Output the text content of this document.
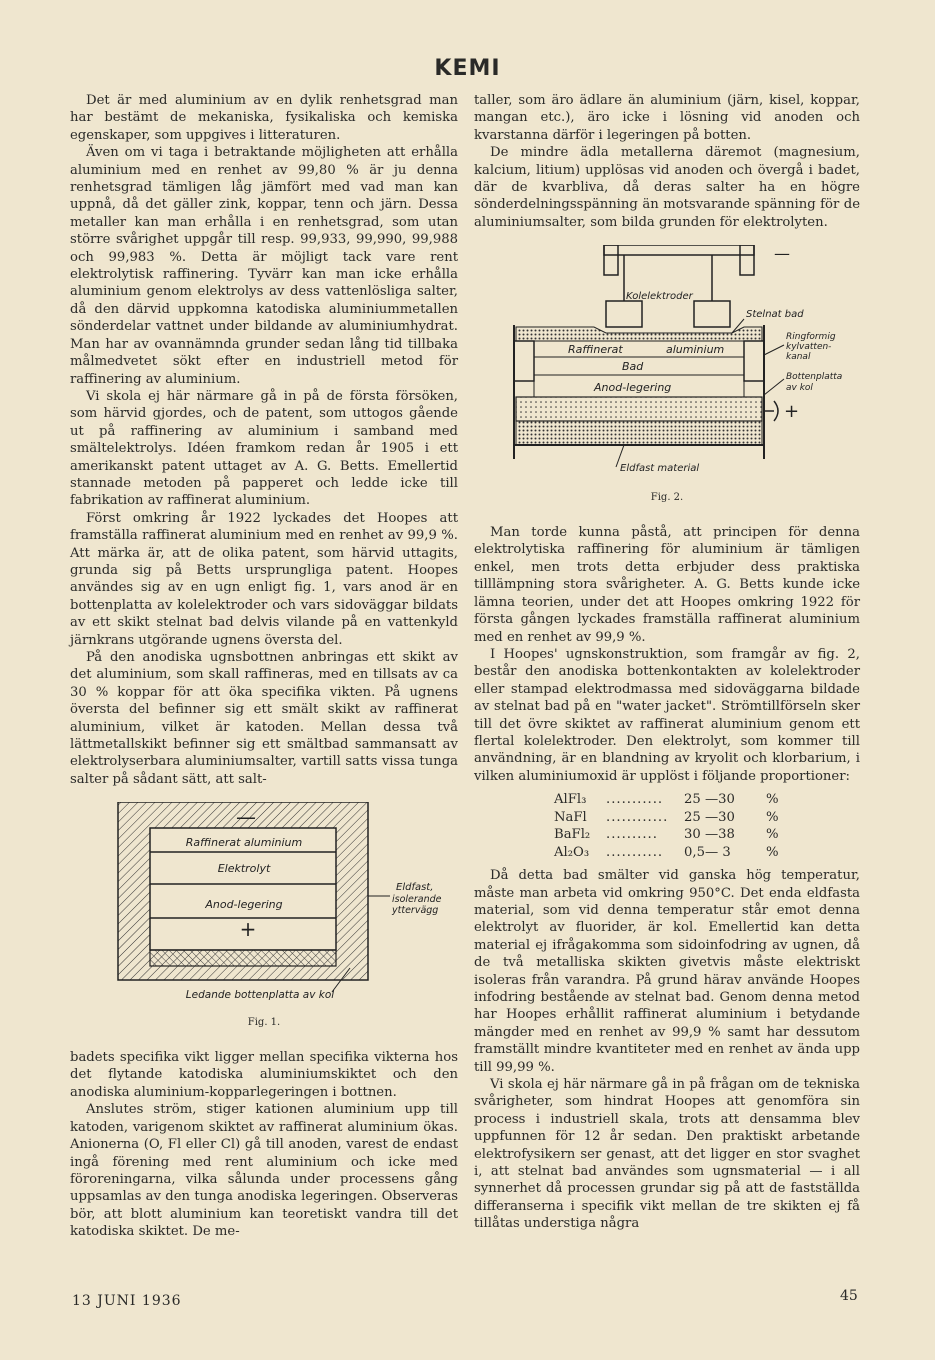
KEMI

Det är med aluminium av en dylik renhetsgrad man har bestämt de mekaniska, fysikaliska och kemiska egenskaper, som uppgives i litteraturen.

Även om vi taga i betraktande möjligheten att erhålla aluminium med en renhet av 99,80 % är ju denna renhetsgrad tämligen låg jämfört med vad man kan uppnå, då det gäller zink, koppar, tenn och järn. Dessa metaller kan man erhålla i en renhetsgrad, som utan större svårighet uppgår till resp. 99,933, 99,990, 99,988 och 99,983 %. Detta är möjligt tack vare rent elektrolytisk raffinering. Tyvärr kan man icke erhålla aluminium genom elektrolys av dess vattenlösliga salter, då den därvid uppkomna katodiska aluminiummetallen sönderdelar vattnet under bildande av aluminiumhydrat. Man har av ovannämnda grunder sedan lång tid tillbaka målmedvetet sökt efter en industriell metod för raffinering av aluminium.

Vi skola ej här närmare gå in på de första försöken, som härvid gjordes, och de patent, som uttogos gående ut på raffinering av aluminium i samband med smältelektrolys. Idéen framkom redan år 1905 i ett amerikanskt patent uttaget av A. G. Betts. Emellertid stannade metoden på papperet och ledde icke till fabrikation av raffinerat aluminium.

Först omkring år 1922 lyckades det Hoopes att framställa raffinerat aluminium med en renhet av 99,9 %. Att märka är, att de olika patent, som härvid uttagits, grunda sig på Betts ursprungliga patent. Hoopes användes sig av en ugn enligt fig. 1, vars anod är en bottenplatta av kolelektroder och vars sidoväggar bildats av ett skikt stelnat bad delvis vilande på en vattenkyld järnkrans utgörande ugnens översta del.

På den anodiska ugnsbottnen anbringas ett skikt av det aluminium, som skall raffineras, med en tillsats av ca 30 % koppar för att öka specifika vikten. På ugnens översta del befinner sig ett smält skikt av raffinerat aluminium, vilket är katoden. Mellan dessa två lättmetallskikt befinner sig ett smältbad sammansatt av elektrolyserbara aluminiumsalter, vartill satts vissa tunga salter på sådant sätt, att salt-

—
Raffinerat aluminium
Elektrolyt
Anod-legering
+
Eldfast,
isolerande
yttervägg
Ledande bottenplatta av kol
Fig. 1.

badets specifika vikt ligger mellan specifika vikterna hos det flytande katodiska aluminiumskiktet och den anodiska aluminium-kopparlegeringen i bottnen.

Anslutes ström, stiger kationen aluminium upp till katoden, varigenom skiktet av raffinerat aluminium ökas. Anionerna (O, Fl eller Cl) gå till anoden, varest de endast ingå förening med rent aluminium och icke med föroreningarna, vilka sålunda under processens gång uppsamlas av den tunga anodiska legeringen. Observeras bör, att blott aluminium kan teoretiskt vandra till det katodiska skiktet. De me-

taller, som äro ädlare än aluminium (järn, kisel, koppar, mangan etc.), äro icke i lösning vid anoden och kvarstanna därför i legeringen på botten.

De mindre ädla metallerna däremot (magnesium, kalcium, litium) upplösas vid anoden och övergå i badet, där de kvarbliva, då deras salter ha en högre sönderdelningsspänning än motsvarande spänning för de aluminiumsalter, som bilda grunden för elektrolyten.

—
Kolelektroder
Raffinerat	aluminium
Bad
Anod-legering
Stelnat bad
Ringformig
kylvatten-
kanal
Bottenplatta
av kol
+
Eldfast material
Fig. 2.

Man torde kunna påstå, att principen för denna elektrolytiska raffinering för aluminium är tämligen enkel, men trots detta erbjuder dess praktiska tilllämpning stora svårigheter. A. G. Betts kunde icke lämna teorien, under det att Hoopes omkring 1922 för första gången lyckades framställa raffinerat aluminium med en renhet av 99,9 %.

I Hoopes' ugnskonstruktion, som framgår av fig. 2, består den anodiska bottenkontakten av kolelektroder eller stampad elektrodmassa med sidoväggarna bildade av stelnat bad på en "water jacket". Strömtillförseln sker till det övre skiktet av raffinerat aluminium genom ett flertal kolelektroder. Den elektrolyt, som kommer till användning, är en blandning av kryolit och klorbarium, i vilken aluminiumoxid är upplöst i följande proportioner:

AlFl₃	...........	25 —30	%
NaFl	............	25 —30	%
BaFl₂	..........	30 —38	%
Al₂O₃	...........	0,5— 3	%

Då detta bad smälter vid ganska hög temperatur, måste man arbeta vid omkring 950°C. Det enda eldfasta material, som vid denna temperatur står emot denna elektrolyt av fluorider, är kol. Emellertid kan detta material ej ifrågakomma som sidoinfodring av ugnen, då de två metalliska skikten givetvis måste elektriskt isoleras från varandra. På grund härav använde Hoopes infodring bestående av stelnat bad. Genom denna metod har Hoopes erhållit raffinerat aluminium i betydande mängder med en renhet av 99,9 % samt har dessutom framställt mindre kvantiteter med en renhet av ända upp till 99,99 %.

Vi skola ej här närmare gå in på frågan om de tekniska svårigheter, som hindrat Hoopes att genomföra sin process i industriell skala, trots att densamma blev uppfunnen för 12 år sedan. Den praktiskt arbetande elektrofysikern ser genast, att det ligger en stor svaghet i, att stelnat bad användes som ugnsmaterial — i all synnerhet då processen grundar sig på att de fastställda differanserna i specifik vikt mellan de tre skikten ej få tillåtas understiga några

13 JUNI 1936	45
